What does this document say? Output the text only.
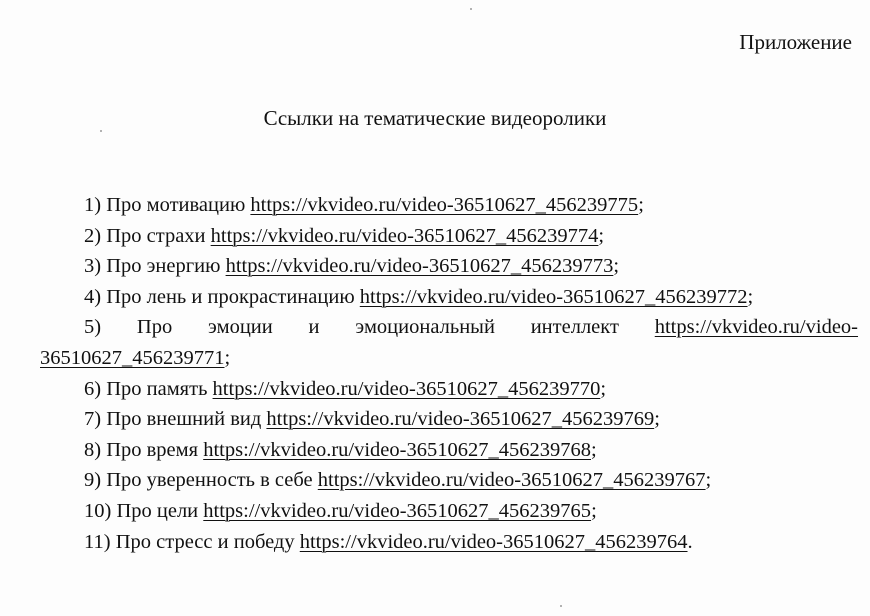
Приложение
Ссылки на тематические видеоролики
1) Про мотивацию https://vkvideo.ru/video-36510627_456239775;
2) Про страхи https://vkvideo.ru/video-36510627_456239774;
3) Про энергию https://vkvideo.ru/video-36510627_456239773;
4) Про лень и прокрастинацию https://vkvideo.ru/video-36510627_456239772;
5) Про эмоции и эмоциональный интеллект https://vkvideo.ru/video-36510627_456239771;
6) Про память https://vkvideo.ru/video-36510627_456239770;
7) Про внешний вид https://vkvideo.ru/video-36510627_456239769;
8) Про время https://vkvideo.ru/video-36510627_456239768;
9) Про уверенность в себе https://vkvideo.ru/video-36510627_456239767;
10) Про цели https://vkvideo.ru/video-36510627_456239765;
11) Про стресс и победу https://vkvideo.ru/video-36510627_456239764.
